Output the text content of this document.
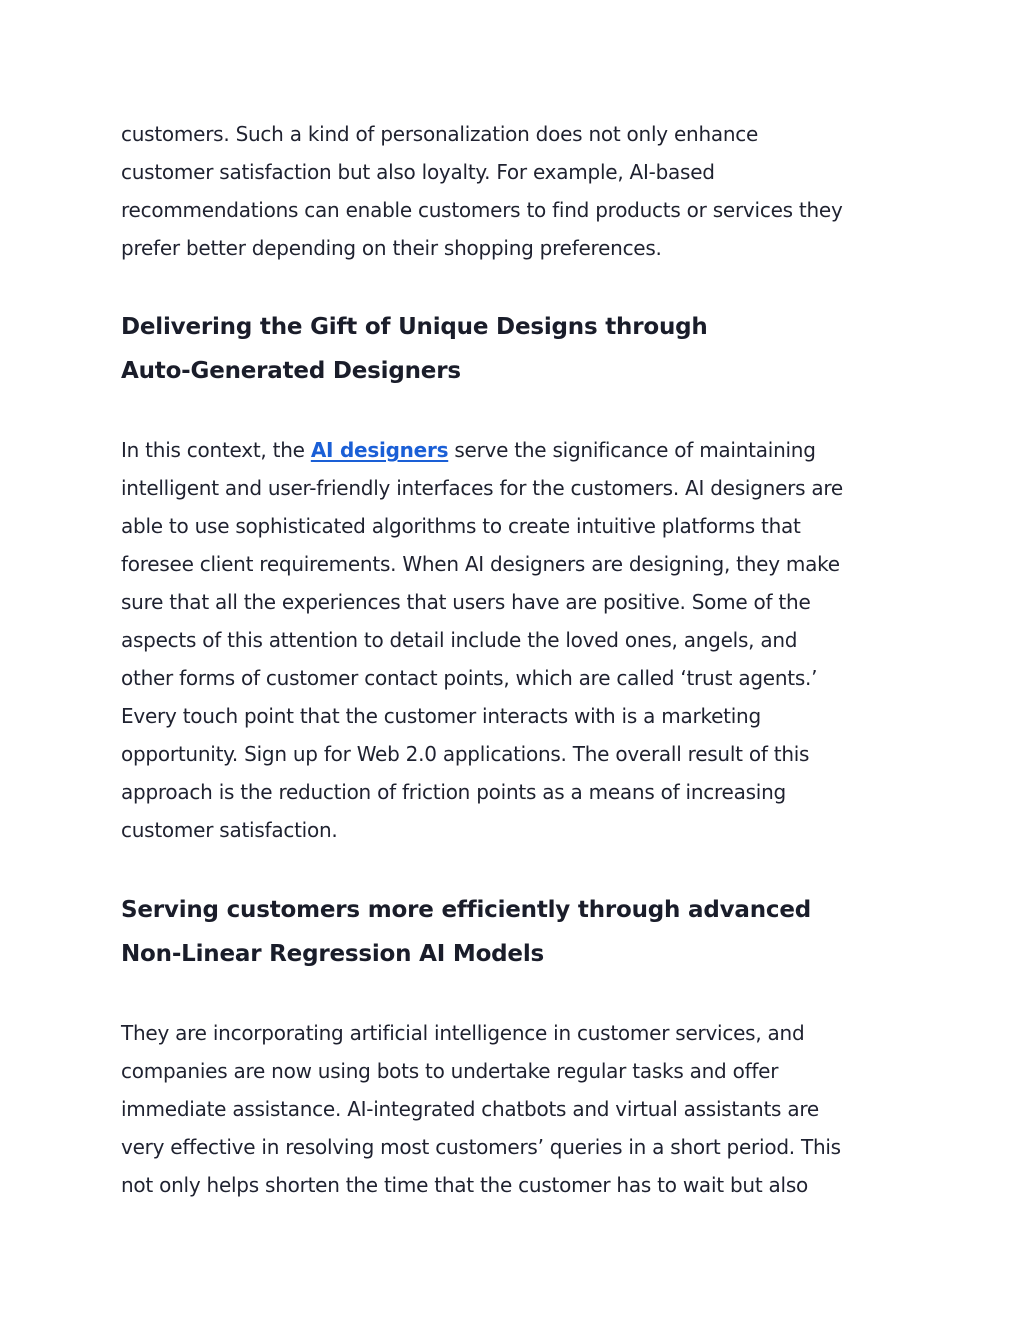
customers. Such a kind of personalization does not only enhance
customer satisfaction but also loyalty. For example, AI-based
recommendations can enable customers to find products or services they
prefer better depending on their shopping preferences.
Delivering the Gift of Unique Designs through
Auto-Generated Designers
In this context, the AI designers serve the significance of maintaining
intelligent and user-friendly interfaces for the customers. AI designers are
able to use sophisticated algorithms to create intuitive platforms that
foresee client requirements. When AI designers are designing, they make
sure that all the experiences that users have are positive. Some of the
aspects of this attention to detail include the loved ones, angels, and
other forms of customer contact points, which are called ‘trust agents.’
Every touch point that the customer interacts with is a marketing
opportunity. Sign up for Web 2.0 applications. The overall result of this
approach is the reduction of friction points as a means of increasing
customer satisfaction.
Serving customers more efficiently through advanced
Non-Linear Regression AI Models
They are incorporating artificial intelligence in customer services, and
companies are now using bots to undertake regular tasks and offer
immediate assistance. AI-integrated chatbots and virtual assistants are
very effective in resolving most customers’ queries in a short period. This
not only helps shorten the time that the customer has to wait but also
